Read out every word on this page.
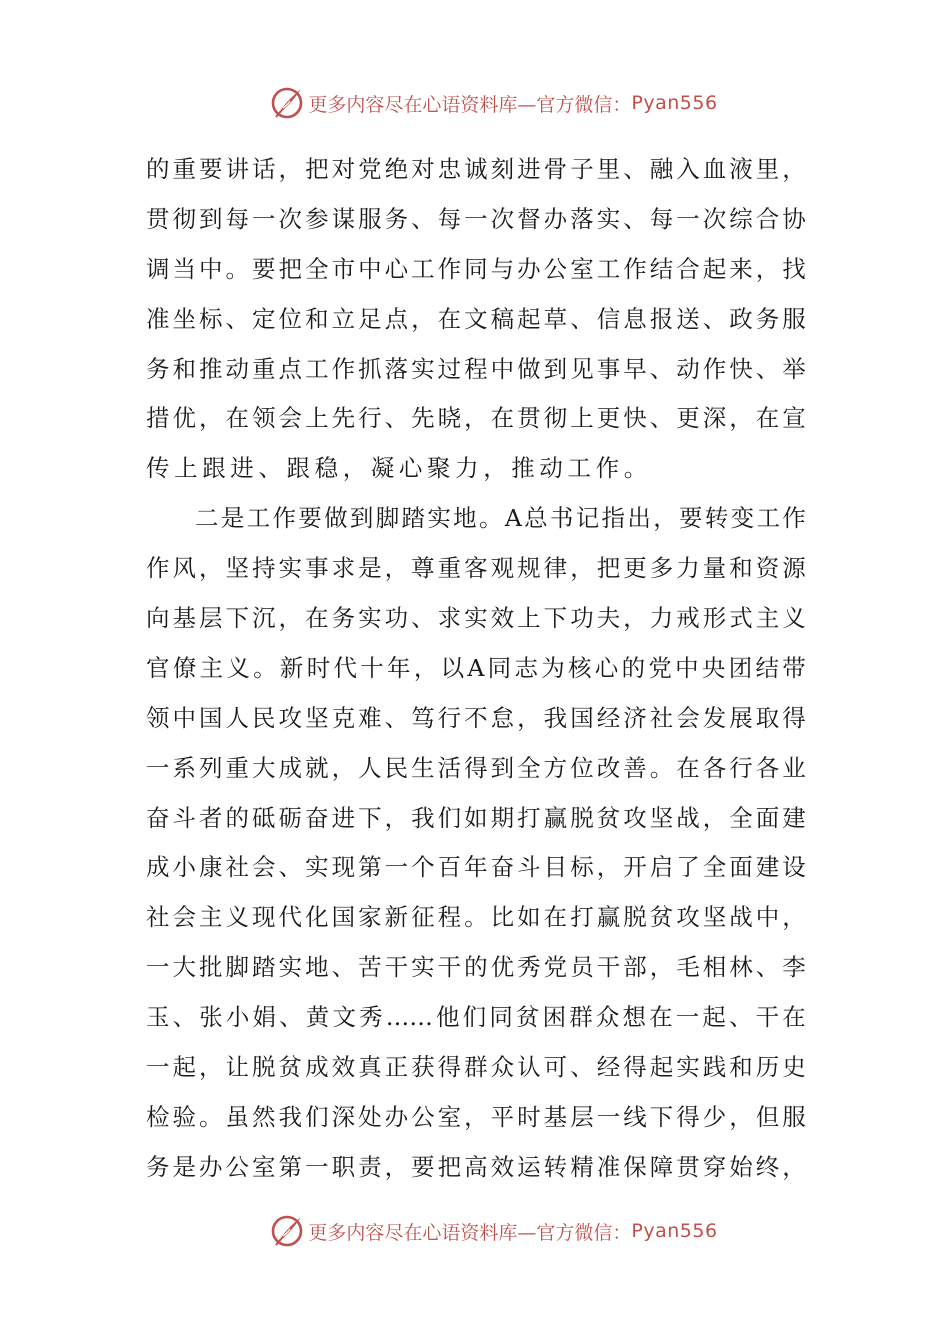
更多内容尽在心语资料库—官方微信： Pyan556
的重要讲话，把对党绝对忠诚刻进骨子里、融入血液里，
贯彻到每一次参谋服务、每一次督办落实、每一次综合协
调当中。要把全市中心工作同与办公室工作结合起来，找
准坐标、定位和立足点，在文稿起草、信息报送、政务服
务和推动重点工作抓落实过程中做到见事早、动作快、举
措优，在领会上先行、先晓，在贯彻上更快、更深，在宣
传上跟进、跟稳，凝心聚力，推动工作。
二是工作要做到脚踏实地。A总书记指出，要转变工作
作风，坚持实事求是，尊重客观规律，把更多力量和资源
向基层下沉，在务实功、求实效上下功夫，力戒形式主义
官僚主义。新时代十年，以A同志为核心的党中央团结带
领中国人民攻坚克难、笃行不怠，我国经济社会发展取得
一系列重大成就，人民生活得到全方位改善。在各行各业
奋斗者的砥砺奋进下，我们如期打赢脱贫攻坚战，全面建
成小康社会、实现第一个百年奋斗目标，开启了全面建设
社会主义现代化国家新征程。比如在打赢脱贫攻坚战中，
一大批脚踏实地、苦干实干的优秀党员干部，毛相林、李
玉、张小娟、黄文秀……他们同贫困群众想在一起、干在
一起，让脱贫成效真正获得群众认可、经得起实践和历史
检验。虽然我们深处办公室，平时基层一线下得少，但服
务是办公室第一职责，要把高效运转精准保障贯穿始终，
更多内容尽在心语资料库—官方微信： Pyan556
